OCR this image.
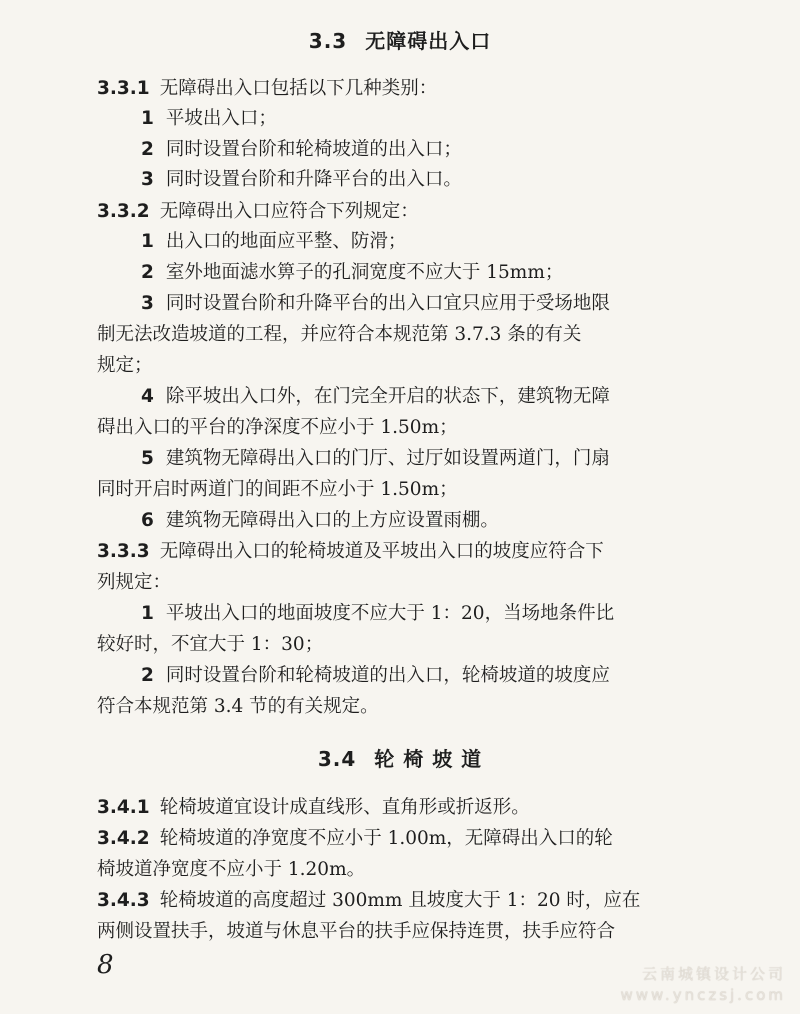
3.3 无障碍出入口
3.3.1 无障碍出入口包括以下几种类别：
1 平坡出入口；
2 同时设置台阶和轮椅坡道的出入口；
3 同时设置台阶和升降平台的出入口。
3.3.2 无障碍出入口应符合下列规定：
1 出入口的地面应平整、防滑；
2 室外地面滤水箅子的孔洞宽度不应大于 15mm；
3 同时设置台阶和升降平台的出入口宜只应用于受场地限
制无法改造坡道的工程，并应符合本规范第 3.7.3 条的有关
规定；
4 除平坡出入口外，在门完全开启的状态下，建筑物无障
碍出入口的平台的净深度不应小于 1.50m；
5 建筑物无障碍出入口的门厅、过厅如设置两道门，门扇
同时开启时两道门的间距不应小于 1.50m；
6 建筑物无障碍出入口的上方应设置雨棚。
3.3.3 无障碍出入口的轮椅坡道及平坡出入口的坡度应符合下
列规定：
1 平坡出入口的地面坡度不应大于 1：20，当场地条件比
较好时，不宜大于 1：30；
2 同时设置台阶和轮椅坡道的出入口，轮椅坡道的坡度应
符合本规范第 3.4 节的有关规定。
3.4 轮 椅 坡 道
3.4.1 轮椅坡道宜设计成直线形、直角形或折返形。
3.4.2 轮椅坡道的净宽度不应小于 1.00m，无障碍出入口的轮
椅坡道净宽度不应小于 1.20m。
3.4.3 轮椅坡道的高度超过 300mm 且坡度大于 1：20 时，应在
两侧设置扶手，坡道与休息平台的扶手应保持连贯，扶手应符合
8	云南城镇设计公司
www.ynczsj.com
